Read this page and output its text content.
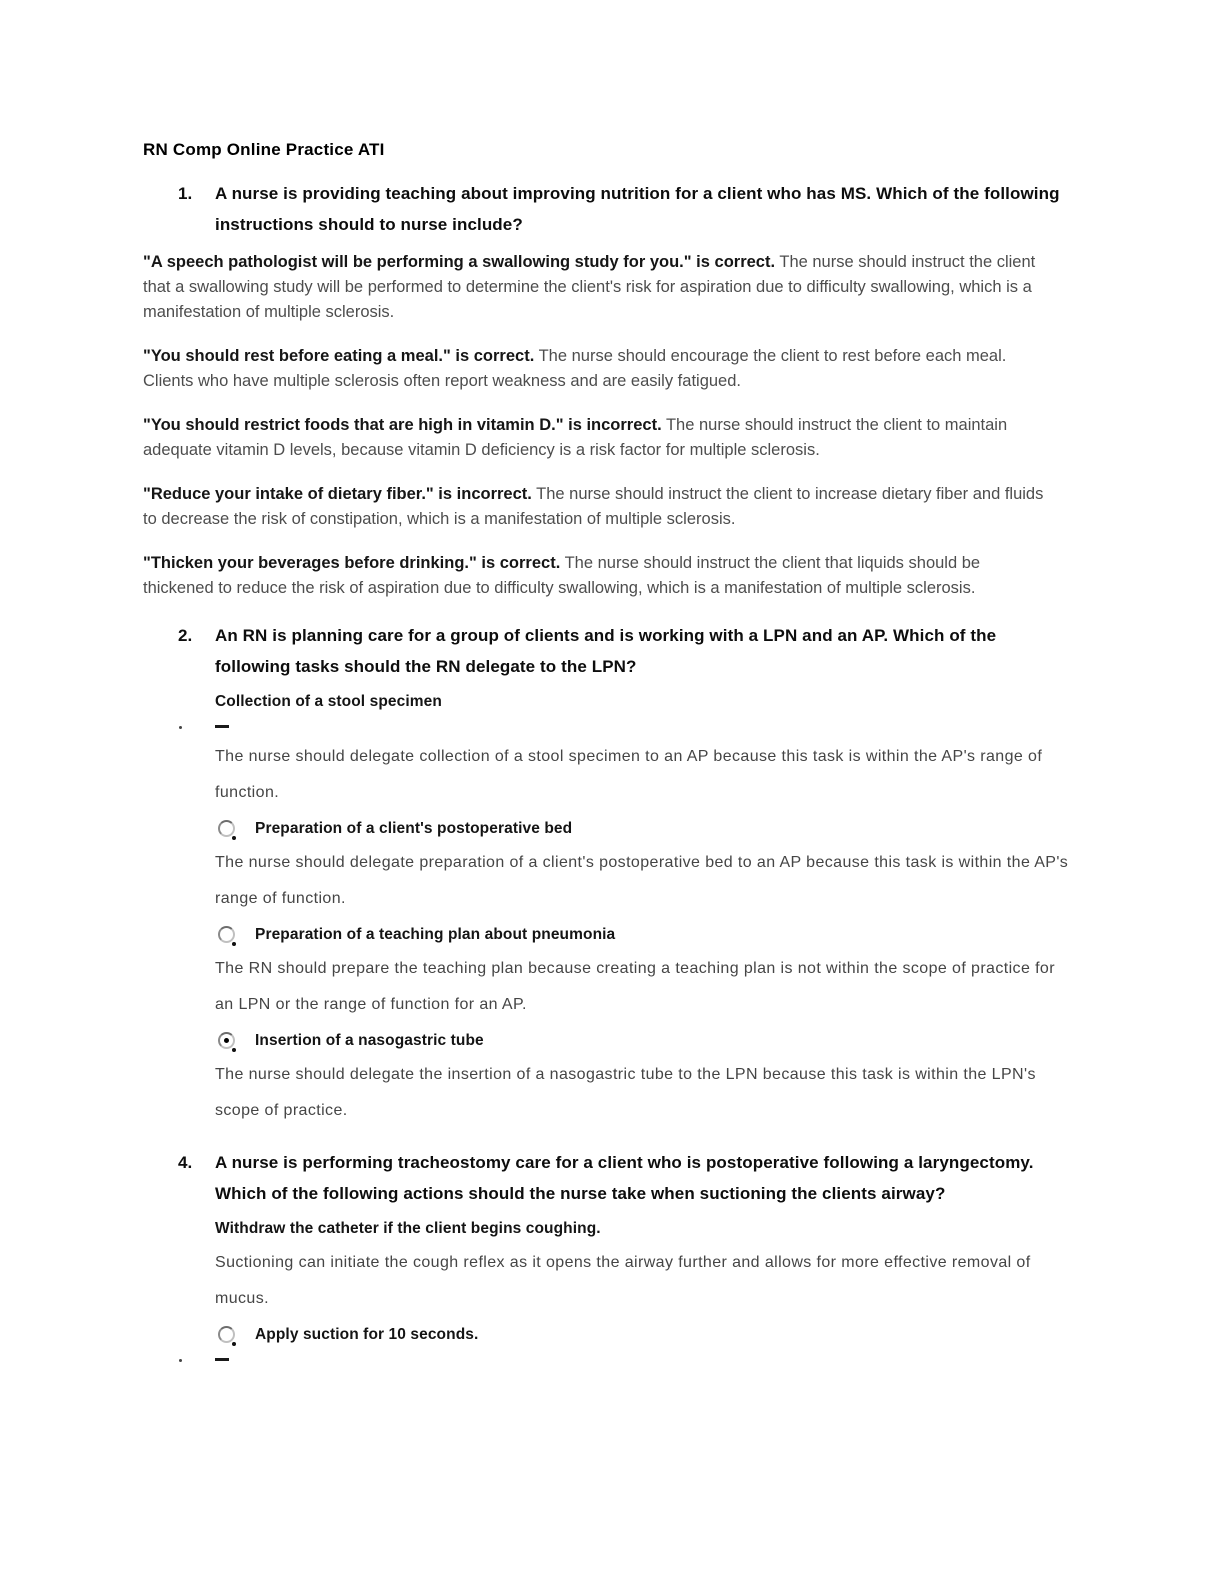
RN Comp Online Practice ATI
1. A nurse is providing teaching about improving nutrition for a client who has MS. Which of the following instructions should to nurse include?

"A speech pathologist will be performing a swallowing study for you." is correct. The nurse should instruct the client that a swallowing study will be performed to determine the client's risk for aspiration due to difficulty swallowing, which is a manifestation of multiple sclerosis.

"You should rest before eating a meal." is correct. The nurse should encourage the client to rest before each meal. Clients who have multiple sclerosis often report weakness and are easily fatigued.

"You should restrict foods that are high in vitamin D." is incorrect. The nurse should instruct the client to maintain adequate vitamin D levels, because vitamin D deficiency is a risk factor for multiple sclerosis.

"Reduce your intake of dietary fiber." is incorrect. The nurse should instruct the client to increase dietary fiber and fluids to decrease the risk of constipation, which is a manifestation of multiple sclerosis.

"Thicken your beverages before drinking." is correct. The nurse should instruct the client that liquids should be thickened to reduce the risk of aspiration due to difficulty swallowing, which is a manifestation of multiple sclerosis.

2. An RN is planning care for a group of clients and is working with a LPN and an AP. Which of the following tasks should the RN delegate to the LPN?
Collection of a stool specimen

The nurse should delegate collection of a stool specimen to an AP because this task is within the AP's range of function.

Preparation of a client's postoperative bed

The nurse should delegate preparation of a client's postoperative bed to an AP because this task is within the AP's range of function.

Preparation of a teaching plan about pneumonia

The RN should prepare the teaching plan because creating a teaching plan is not within the scope of practice for an LPN or the range of function for an AP.

Insertion of a nasogastric tube

The nurse should delegate the insertion of a nasogastric tube to the LPN because this task is within the LPN's scope of practice.

4. A nurse is performing tracheostomy care for a client who is postoperative following a laryngectomy. Which of the following actions should the nurse take when suctioning the clients airway?
Withdraw the catheter if the client begins coughing.

Suctioning can initiate the cough reflex as it opens the airway further and allows for more effective removal of mucus.

Apply suction for 10 seconds.
